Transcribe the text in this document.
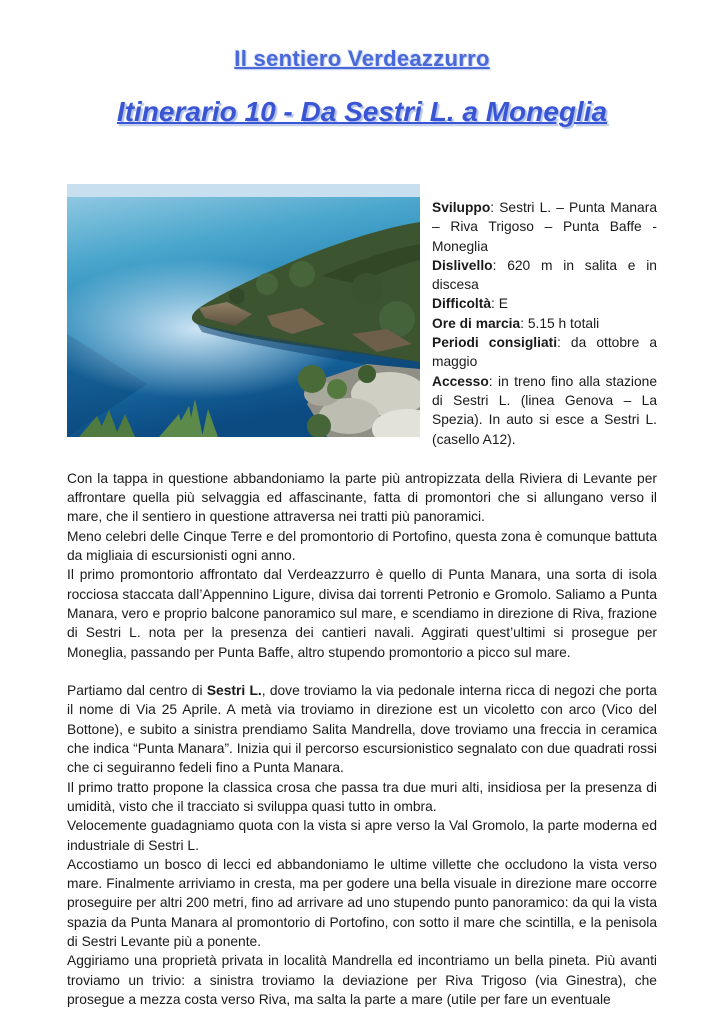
Il sentiero Verdeazzurro
Itinerario 10 - Da Sestri L. a Moneglia

Sviluppo: Sestri L. – Punta Manara – Riva Trigoso – Punta Baffe - Moneglia

Dislivello: 620 m in salita e in discesa

Difficoltà: E

Ore di marcia: 5.15 h totali

Periodi consigliati: da ottobre a maggio

Accesso: in treno fino alla stazione di Sestri L. (linea Genova – La Spezia). In auto si esce a Sestri L. (casello A12).

Con la tappa in questione abbandoniamo la parte più antropizzata della Riviera di Levante per affrontare quella più selvaggia ed affascinante, fatta di promontori che si allungano verso il mare, che il sentiero in questione attraversa nei tratti più panoramici.

Meno celebri delle Cinque Terre e del promontorio di Portofino, questa zona è comunque battuta da migliaia di escursionisti ogni anno.

Il primo promontorio affrontato dal Verdeazzurro è quello di Punta Manara, una sorta di isola rocciosa staccata dall’Appennino Ligure, divisa dai torrenti Petronio e Gromolo. Saliamo a Punta Manara, vero e proprio balcone panoramico sul mare, e scendiamo in direzione di Riva, frazione di Sestri L. nota per la presenza dei cantieri navali. Aggirati quest’ultimi si prosegue per Moneglia, passando per Punta Baffe, altro stupendo promontorio a picco sul mare.

Partiamo dal centro di Sestri L., dove troviamo la via pedonale interna ricca di negozi che porta il nome di Via 25 Aprile. A metà via troviamo in direzione est un vicoletto con arco (Vico del Bottone), e subito a sinistra prendiamo Salita Mandrella, dove troviamo una freccia in ceramica che indica “Punta Manara”. Inizia qui il percorso escursionistico segnalato con due quadrati rossi che ci seguiranno fedeli fino a Punta Manara.

Il primo tratto propone la classica crosa che passa tra due muri alti, insidiosa per la presenza di umidità, visto che il tracciato si sviluppa quasi tutto in ombra.

Velocemente guadagniamo quota con la vista si apre verso la Val Gromolo, la parte moderna ed industriale di Sestri L.

Accostiamo un bosco di lecci ed abbandoniamo le ultime villette che occludono la vista verso mare. Finalmente arriviamo in cresta, ma per godere una bella visuale in direzione mare occorre proseguire per altri 200 metri, fino ad arrivare ad uno stupendo punto panoramico: da qui la vista spazia da Punta Manara al promontorio di Portofino, con sotto il mare che scintilla, e la penisola di Sestri Levante più a ponente.

Aggiriamo una proprietà privata in località Mandrella ed incontriamo un bella pineta. Più avanti troviamo un trivio: a sinistra troviamo la deviazione per Riva Trigoso (via Ginestra), che prosegue a mezza costa verso Riva, ma salta la parte a mare (utile per fare un eventuale
